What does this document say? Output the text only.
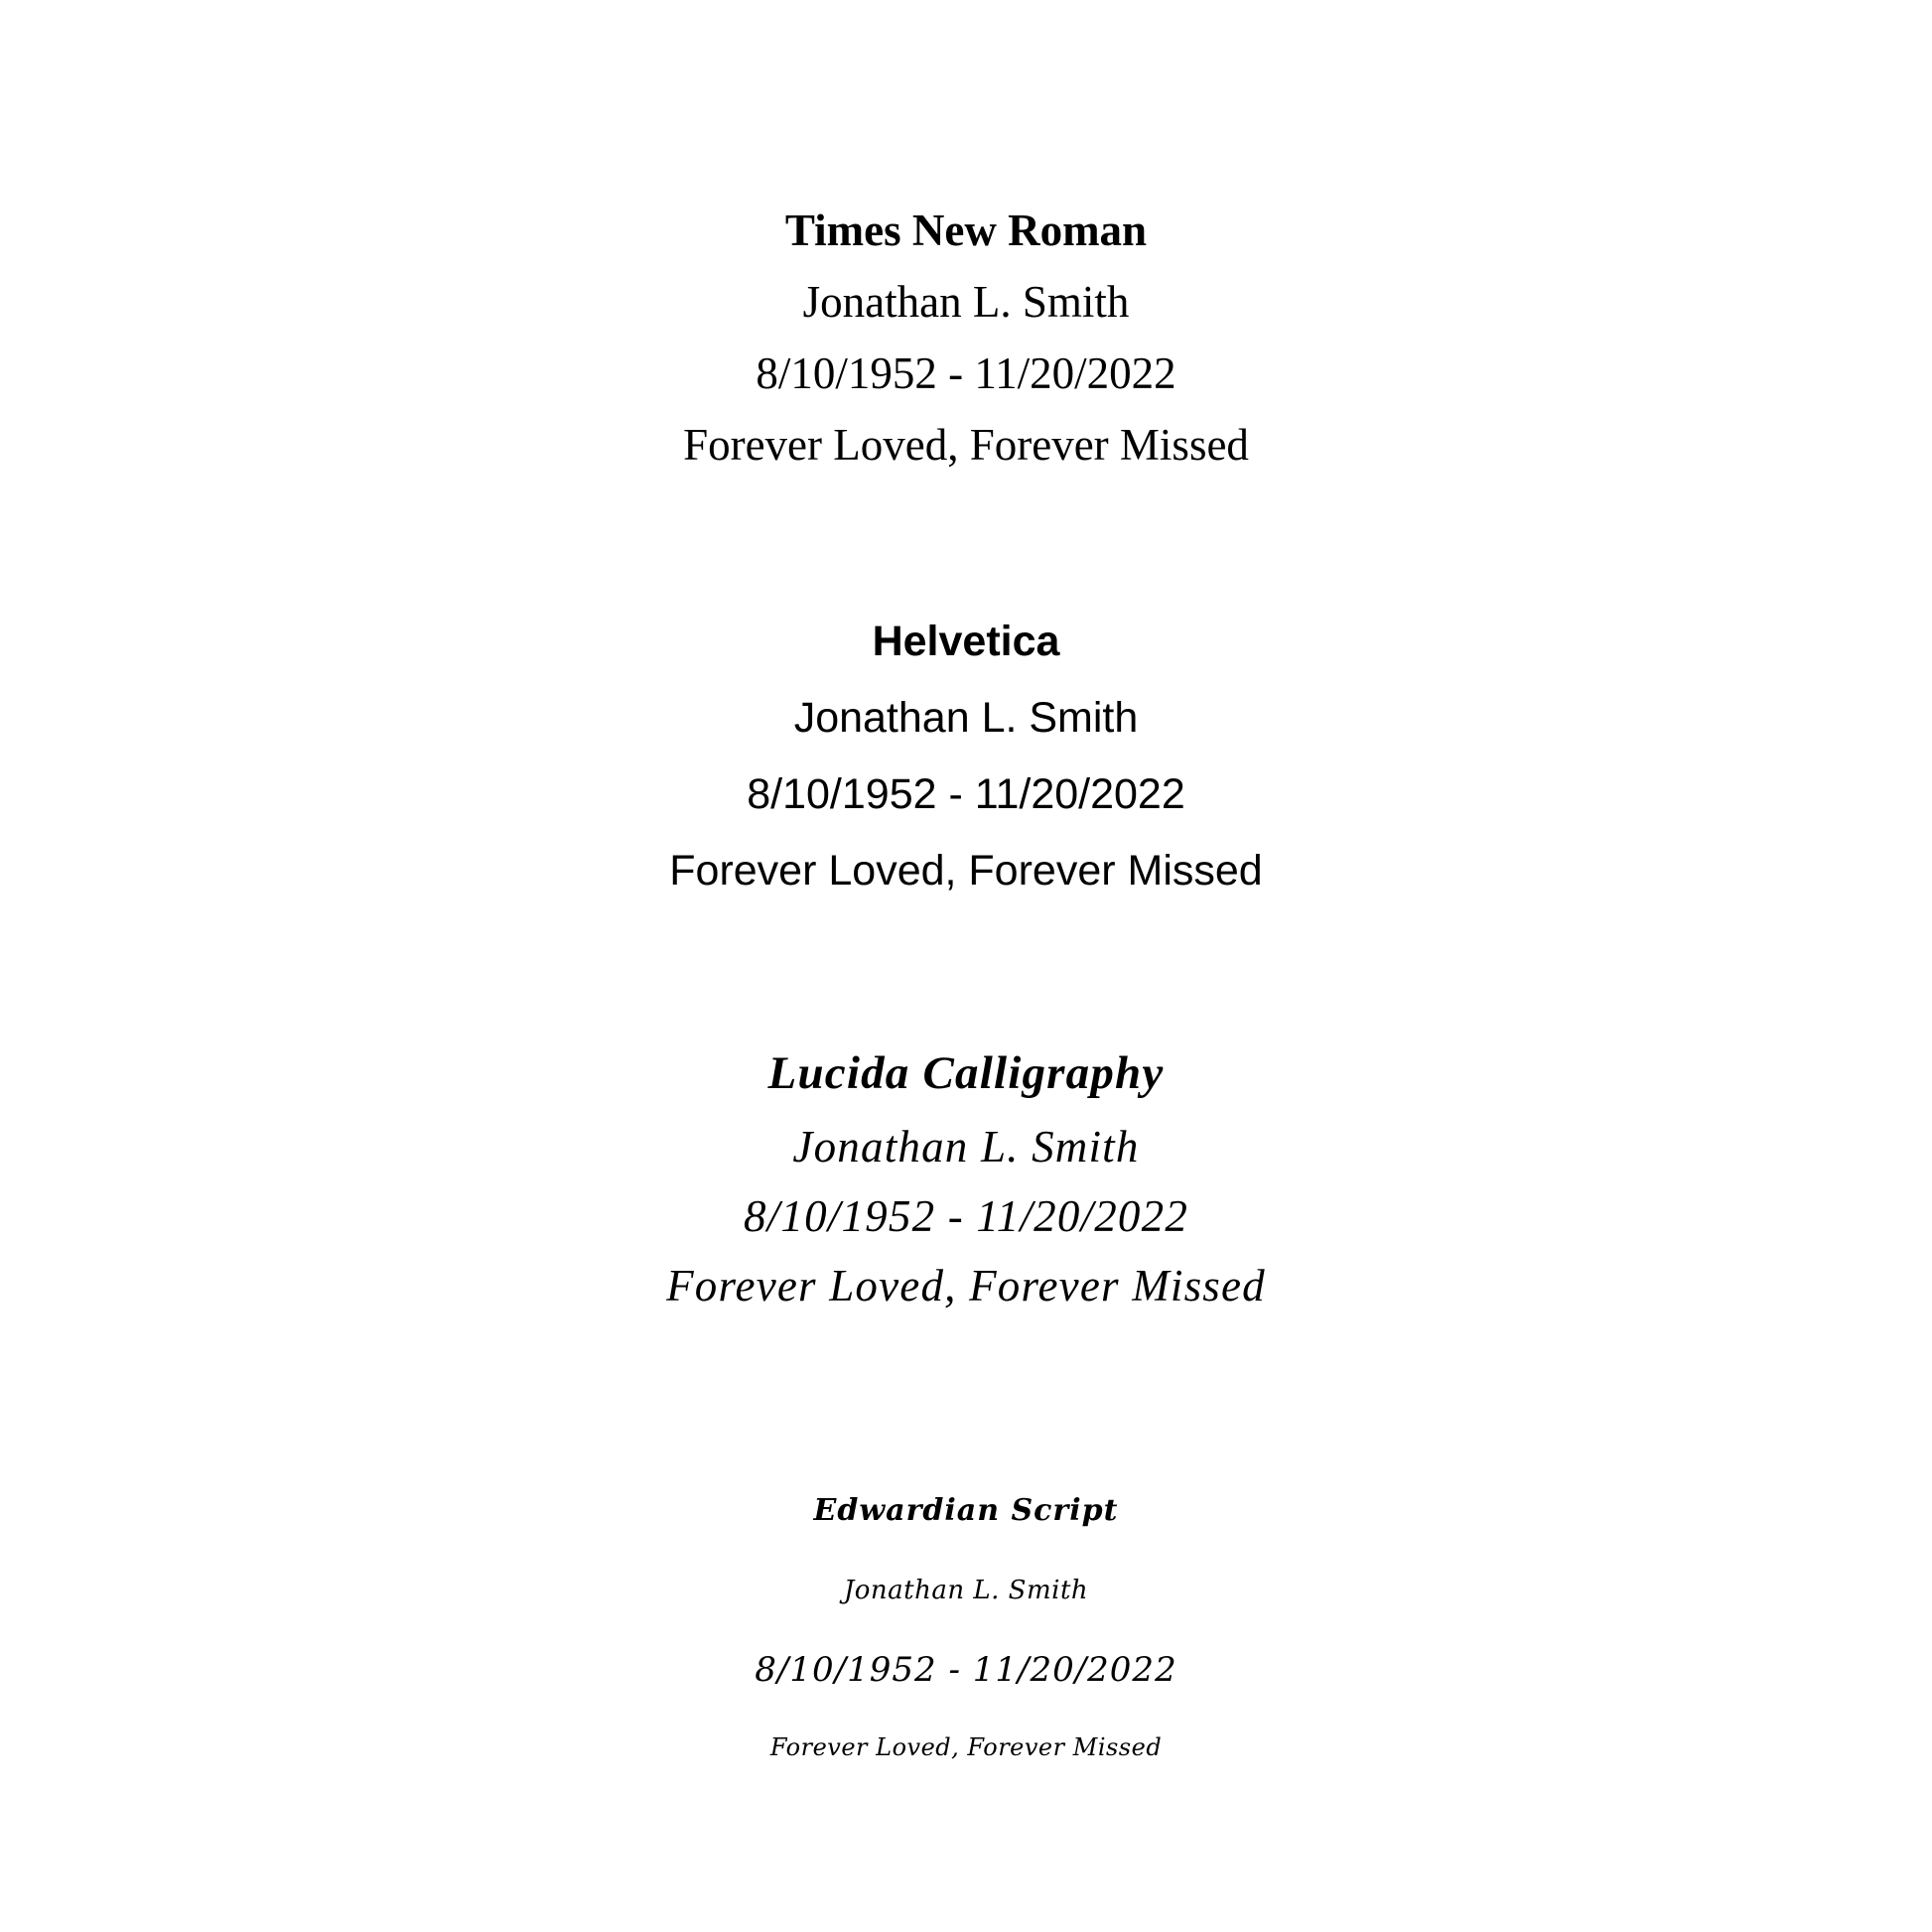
Times New Roman
Jonathan L. Smith
8/10/1952 - 11/20/2022
Forever Loved, Forever Missed
Helvetica
Jonathan L. Smith
8/10/1952 - 11/20/2022
Forever Loved, Forever Missed
Lucida Calligraphy
Jonathan L. Smith
8/10/1952 - 11/20/2022
Forever Loved, Forever Missed
Edwardian Script
Jonathan L. Smith
8/10/1952 - 11/20/2022
Forever Loved, Forever Missed
